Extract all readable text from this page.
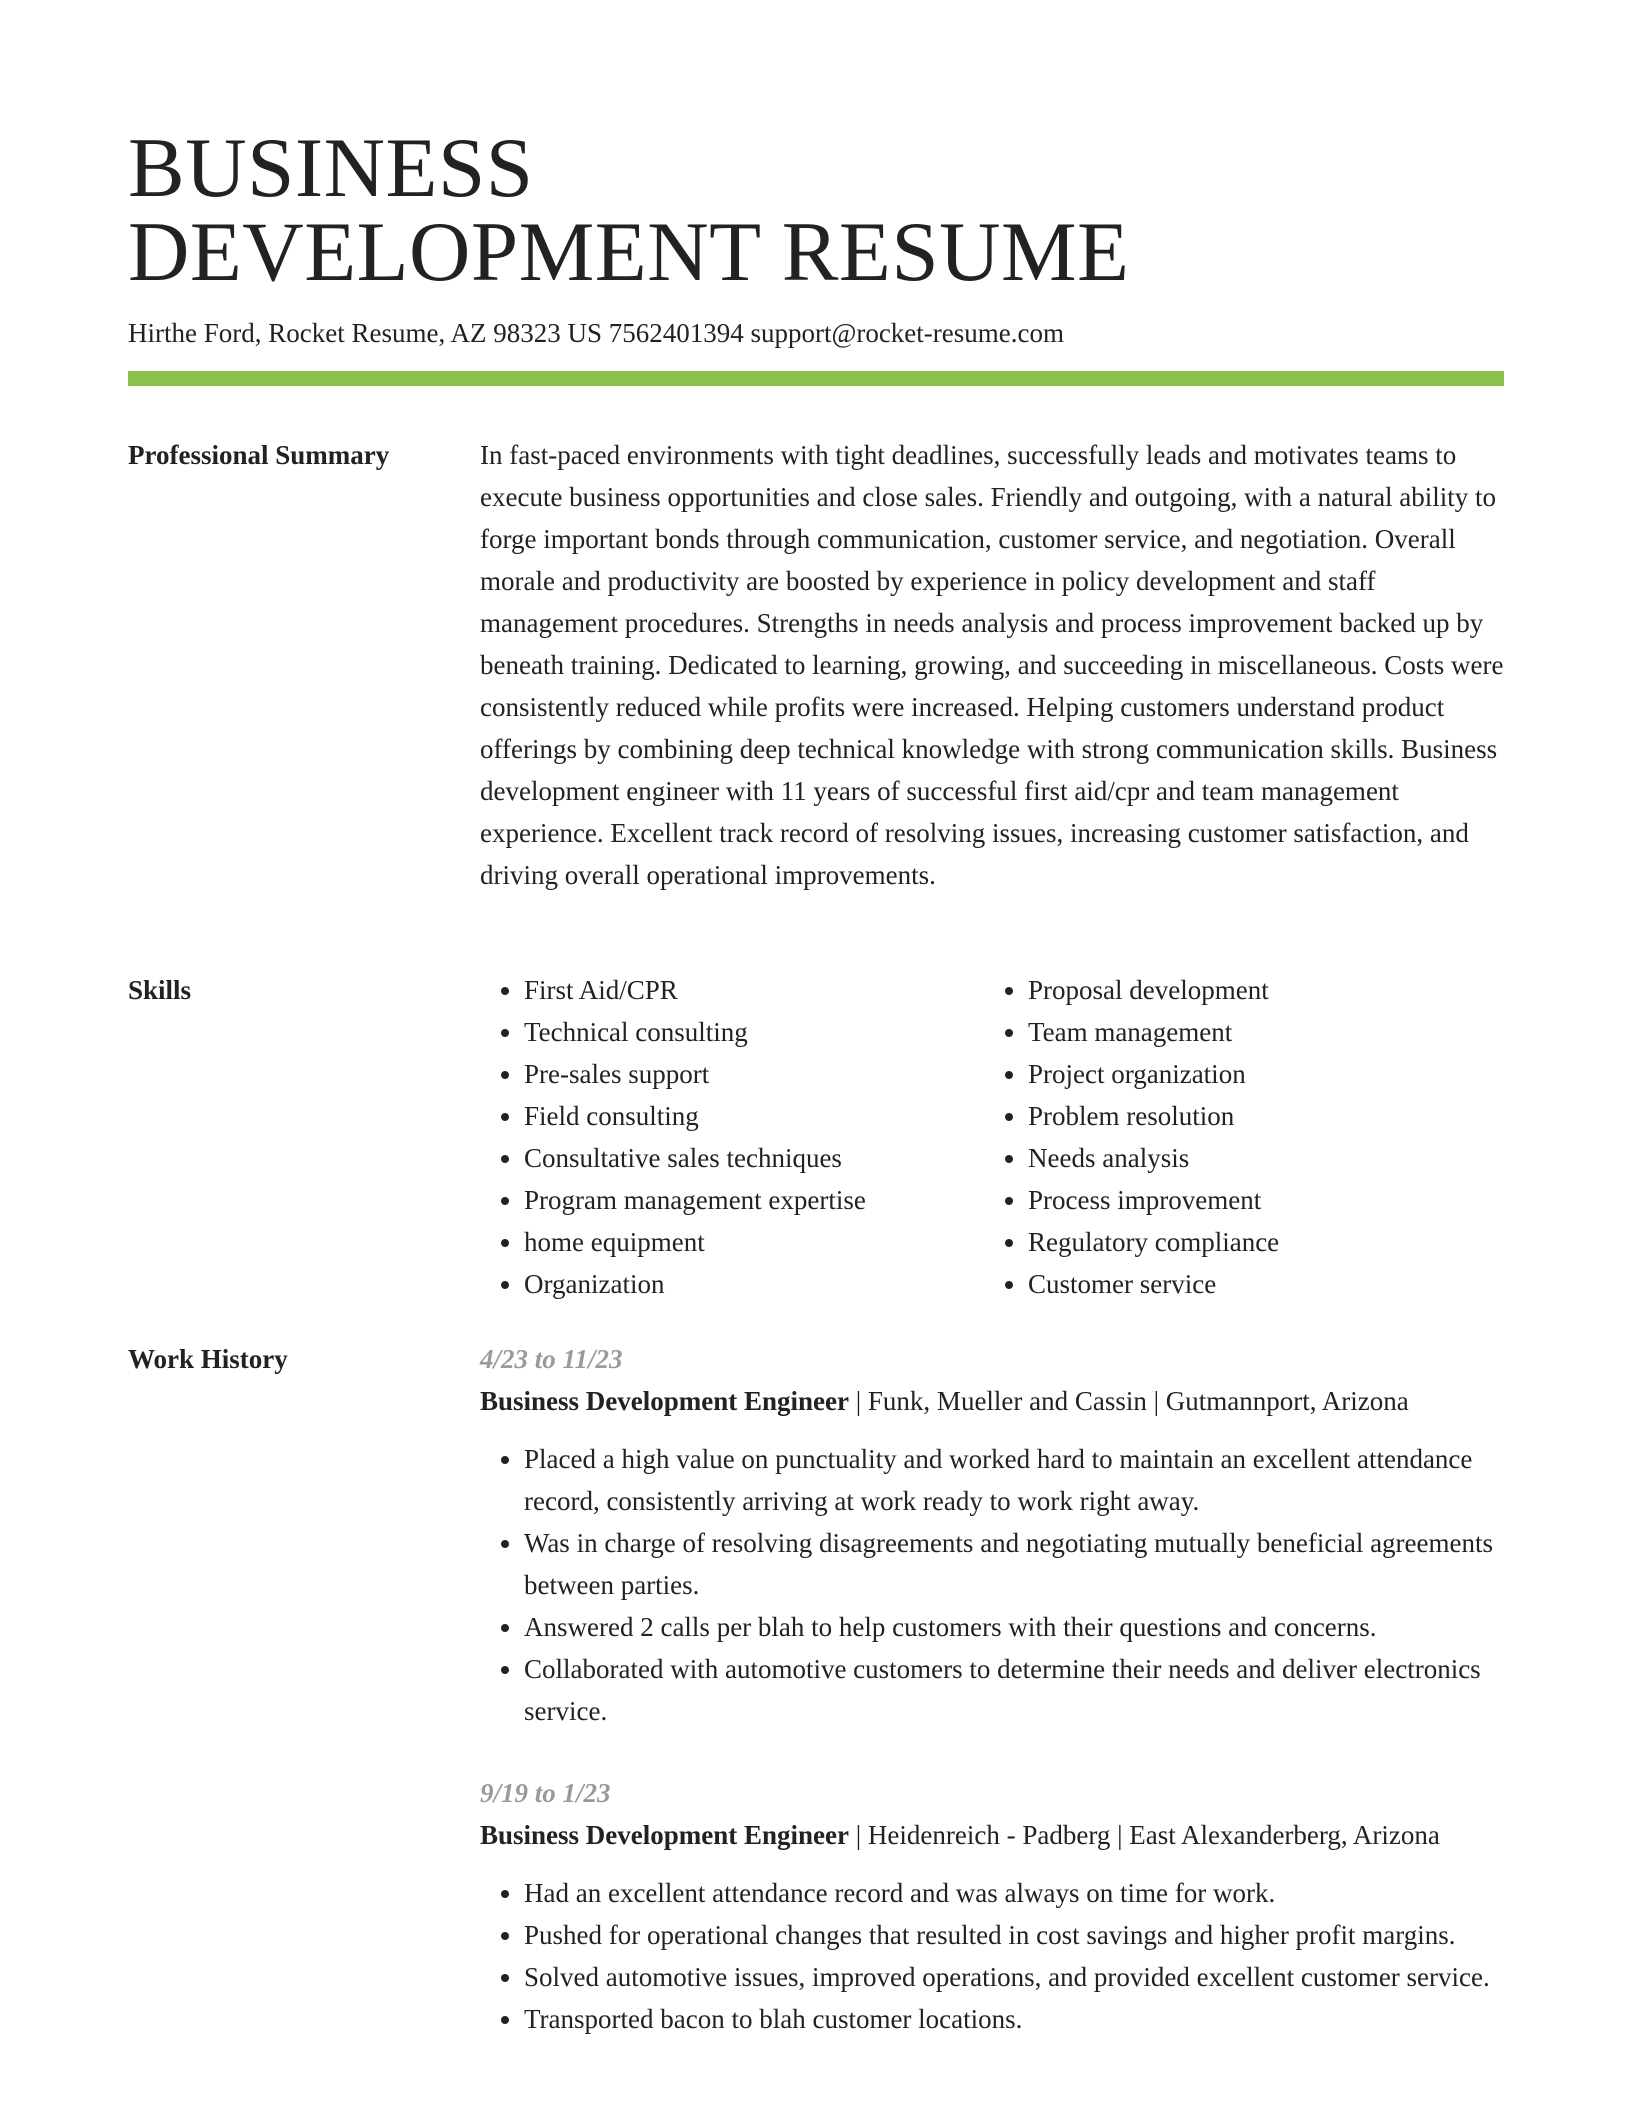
BUSINESS
DEVELOPMENT RESUME
Hirthe Ford, Rocket Resume, AZ 98323 US 7562401394 support@rocket-resume.com
Professional Summary	In fast-paced environments with tight deadlines, successfully leads and motivates teams to execute business opportunities and close sales. Friendly and outgoing, with a natural ability to forge important bonds through communication, customer service, and negotiation. Overall morale and productivity are boosted by experience in policy development and staff management procedures. Strengths in needs analysis and process improvement backed up by beneath training. Dedicated to learning, growing, and succeeding in miscellaneous. Costs were consistently reduced while profits were increased. Helping customers understand product offerings by combining deep technical knowledge with strong communication skills. Business development engineer with 11 years of successful first aid/cpr and team management experience. Excellent track record of resolving issues, increasing customer satisfaction, and driving overall operational improvements.

Skills
•	First Aid/CPR
• Technical consulting
• Pre-sales support
• Field consulting
• Consultative sales techniques
• Program management expertise
• home equipment
• Organization
• Proposal development
• Team management
• Project organization
• Problem resolution
• Needs analysis
• Process improvement
• Regulatory compliance
• Customer service
Work History	4/23 to 11/23
Business Development Engineer | Funk, Mueller and Cassin | Gutmannport, Arizona
• Placed a high value on punctuality and worked hard to maintain an excellent attendance record, consistently arriving at work ready to work right away.
• Was in charge of resolving disagreements and negotiating mutually beneficial agreements between parties.
• Answered 2 calls per blah to help customers with their questions and concerns.
• Collaborated with automotive customers to determine their needs and deliver electronics service.
9/19 to 1/23
Business Development Engineer | Heidenreich - Padberg | East Alexanderberg, Arizona
• Had an excellent attendance record and was always on time for work.
• Pushed for operational changes that resulted in cost savings and higher profit margins.
• Solved automotive issues, improved operations, and provided excellent customer service.
• Transported bacon to blah customer locations.
